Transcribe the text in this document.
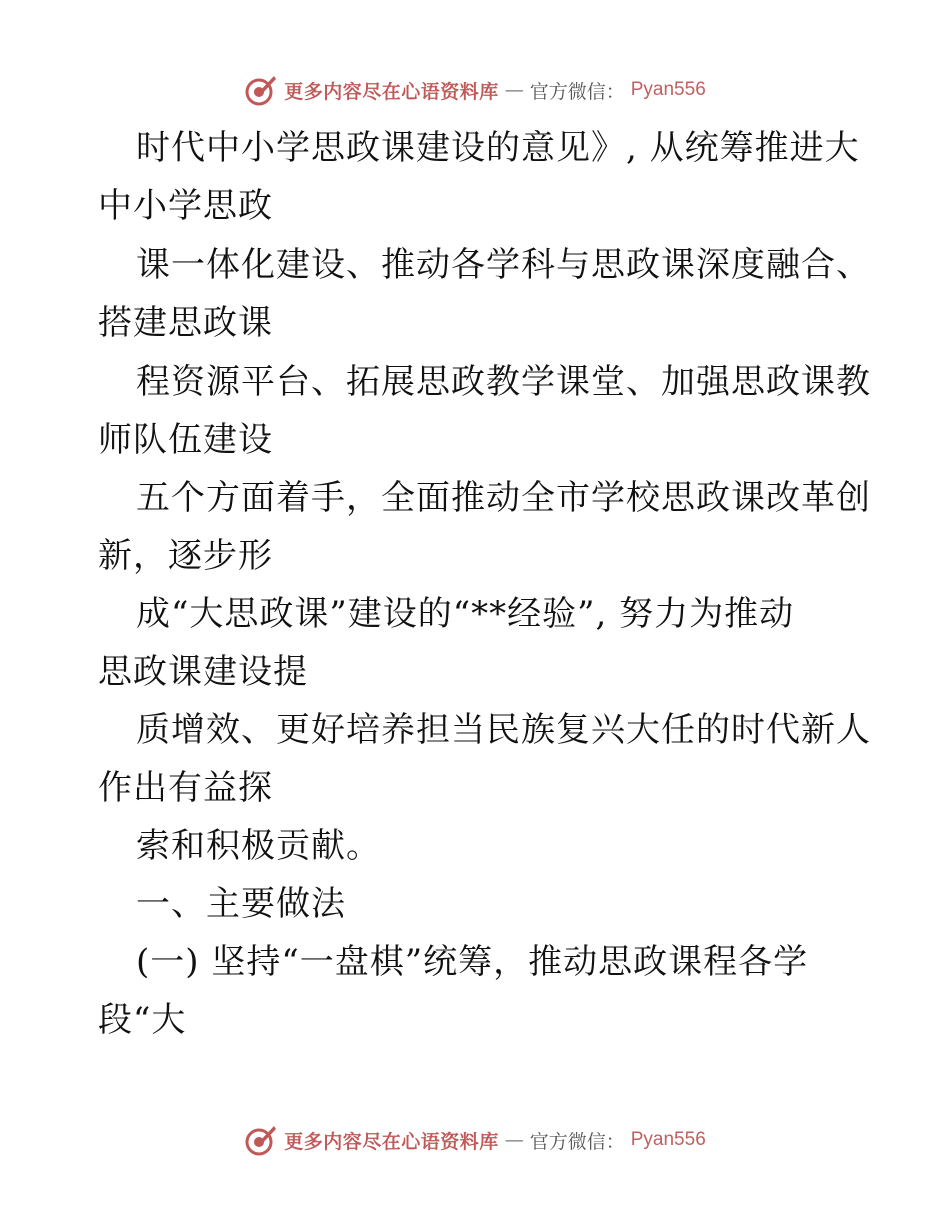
更多内容尽在心语资料库 — 官方微信： Pyan556
时代中小学思政课建设的意见》, 从统筹推进大
中小学思政
课一体化建设、推动各学科与思政课深度融合、
搭建思政课
程资源平台、拓展思政教学课堂、加强思政课教
师队伍建设
五个方面着手，全面推动全市学校思政课改革创
新，逐步形
成“大思政课”建设的“**经验”, 努力为推动
思政课建设提
质增效、更好培养担当民族复兴大任的时代新人
作出有益探
索和积极贡献。
一、主要做法
(一) 坚持“一盘棋”统筹，推动思政课程各学
段“大
更多内容尽在心语资料库 — 官方微信： Pyan556
